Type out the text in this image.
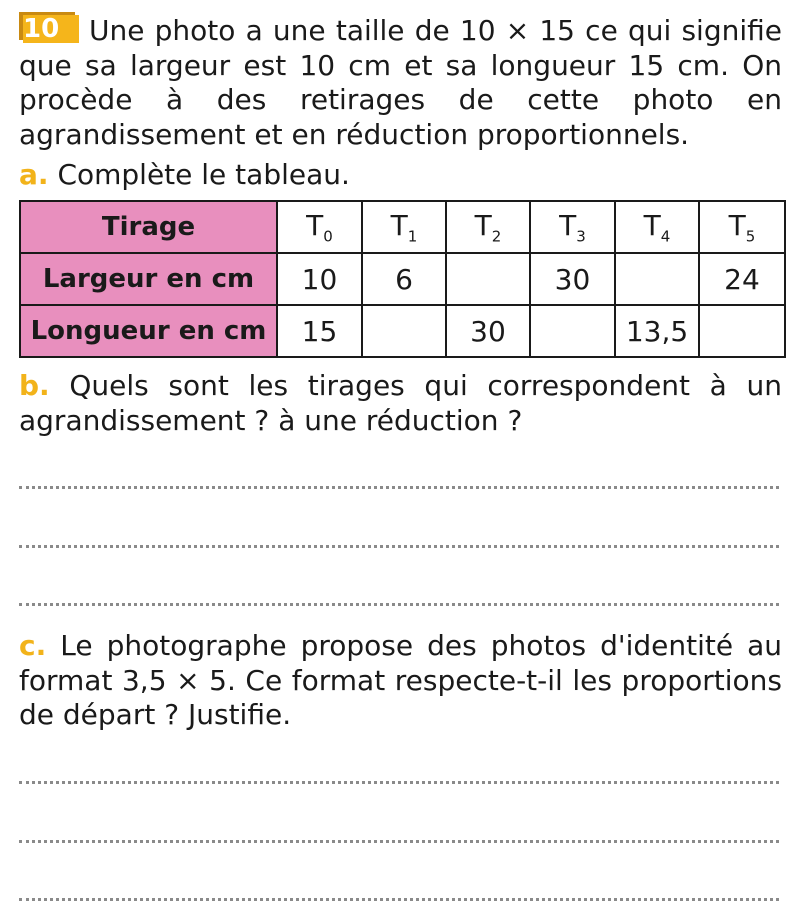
10	Une photo a une taille de 10 × 15 ce qui signifie que sa largeur est 10 cm et sa longueur 15 cm. On procède à des retirages de cette photo en agrandissement et en réduction proportionnels.
a. Complète le tableau.
Tirage	$T_0$	$T_1$	$T_2$	$T_3$	$T_4$	$T_5$
Largeur en cm	10	6		30		24
Longueur en cm	15		30		13,5	
b. Quels sont les tirages qui correspondent à un agrandissement ? à une réduction ?
c. Le photographe propose des photos d'identité au format 3,5 × 5. Ce format respecte-t-il les proportions de départ ? Justifie.
